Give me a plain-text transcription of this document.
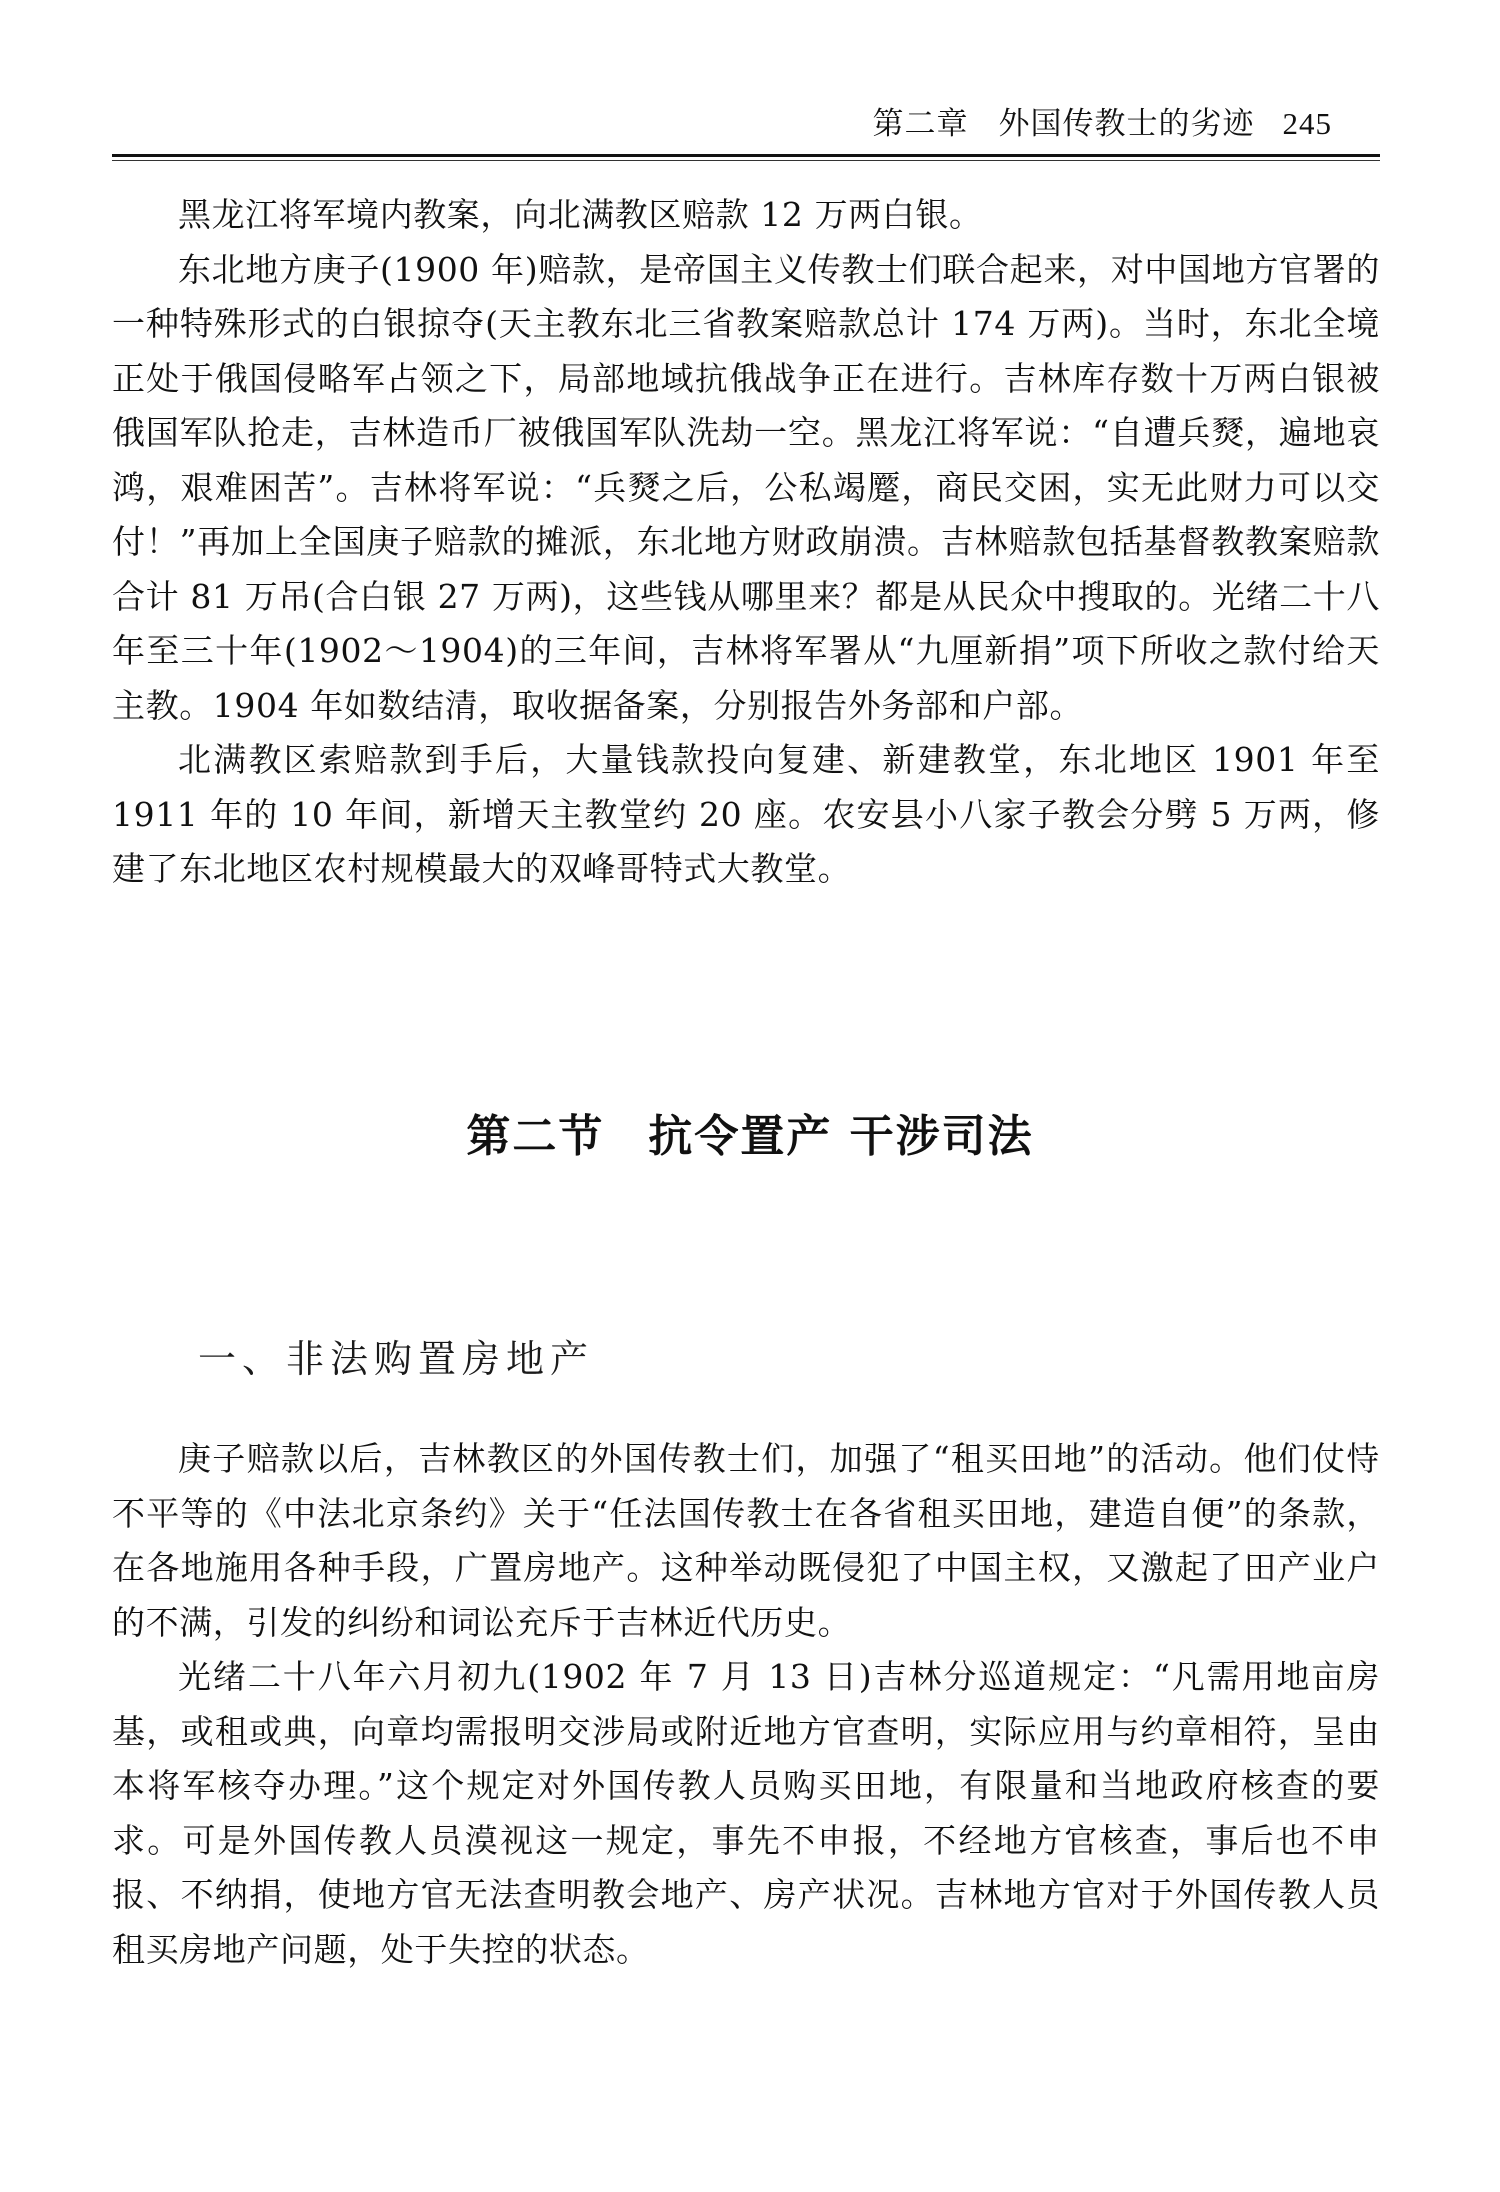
第二章 外国传教士的劣迹 245

黑龙江将军境内教案，向北满教区赔款 12 万两白银。

东北地方庚子(1900 年)赔款，是帝国主义传教士们联合起来，对中国地方官署的一种特殊形式的白银掠夺(天主教东北三省教案赔款总计 174 万两)。当时，东北全境正处于俄国侵略军占领之下，局部地域抗俄战争正在进行。吉林库存数十万两白银被俄国军队抢走，吉林造币厂被俄国军队洗劫一空。黑龙江将军说：“自遭兵燹，遍地哀鸿，艰难困苦”。吉林将军说：“兵燹之后，公私竭蹷，商民交困，实无此财力可以交付！”再加上全国庚子赔款的摊派，东北地方财政崩溃。吉林赔款包括基督教教案赔款合计 81 万吊(合白银 27 万两)，这些钱从哪里来？都是从民众中搜取的。光绪二十八年至三十年(1902～1904)的三年间，吉林将军署从“九厘新捐”项下所收之款付给天主教。1904 年如数结清，取收据备案，分别报告外务部和户部。

北满教区索赔款到手后，大量钱款投向复建、新建教堂，东北地区 1901 年至 1911 年的 10 年间，新增天主教堂约 20 座。农安县小八家子教会分劈 5 万两，修建了东北地区农村规模最大的双峰哥特式大教堂。

第二节 抗令置产 干涉司法
一、非法购置房地产

庚子赔款以后，吉林教区的外国传教士们，加强了“租买田地”的活动。他们仗恃不平等的《中法北京条约》关于“任法国传教士在各省租买田地，建造自便”的条款，在各地施用各种手段，广置房地产。这种举动既侵犯了中国主权，又激起了田产业户的不满，引发的纠纷和词讼充斥于吉林近代历史。

光绪二十八年六月初九(1902 年 7 月 13 日)吉林分巡道规定：“凡需用地亩房基，或租或典，向章均需报明交涉局或附近地方官查明，实际应用与约章相符，呈由本将军核夺办理。”这个规定对外国传教人员购买田地，有限量和当地政府核查的要求。可是外国传教人员漠视这一规定，事先不申报，不经地方官核查，事后也不申报、不纳捐，使地方官无法查明教会地产、房产状况。吉林地方官对于外国传教人员租买房地产问题，处于失控的状态。
